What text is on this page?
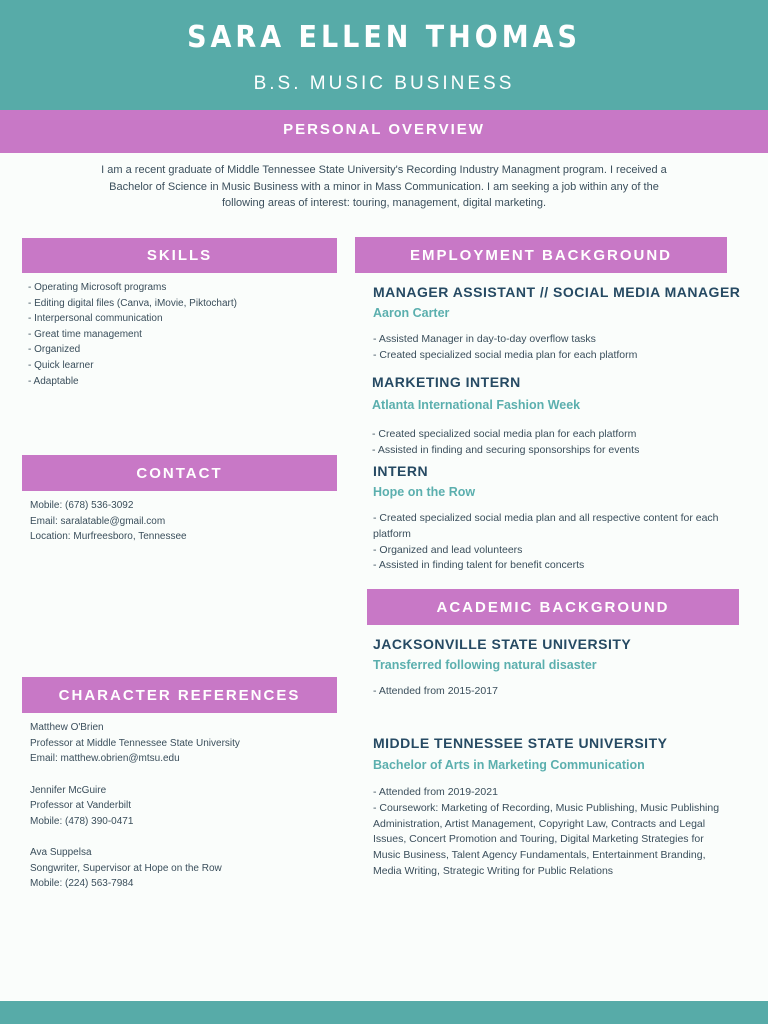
SARA ELLEN THOMAS
B.S. MUSIC BUSINESS
PERSONAL OVERVIEW
I am a recent graduate of Middle Tennessee State University's Recording Industry Managment program. I received a Bachelor of Science in Music Business with a minor in Mass Communication. I am seeking a job within any of the following areas of interest: touring, management, digital marketing.
SKILLS
- Operating Microsoft programs
- Editing digital files (Canva, iMovie, Piktochart)
- Interpersonal communication
- Great time management
- Organized
- Quick learner
- Adaptable
CONTACT
Mobile: (678) 536-3092
Email: saralatable@gmail.com
Location: Murfreesboro, Tennessee
CHARACTER REFERENCES
Matthew O'Brien
Professor at Middle Tennessee State University
Email: matthew.obrien@mtsu.edu
Jennifer McGuire
Professor at Vanderbilt
Mobile: (478) 390-0471
Ava Suppelsa
Songwriter, Supervisor at Hope on the Row
Mobile: (224) 563-7984
EMPLOYMENT BACKGROUND
MANAGER ASSISTANT // SOCIAL MEDIA MANAGER
Aaron Carter
- Assisted Manager in day-to-day overflow tasks
- Created specialized social media plan for each platform
MARKETING INTERN
Atlanta International Fashion Week
- Created specialized social media plan for each platform
- Assisted in finding and securing sponsorships for events
INTERN
Hope on the Row
- Created specialized social media plan and all respective content for each platform
- Organized and lead volunteers
- Assisted in finding talent for benefit concerts
ACADEMIC BACKGROUND
JACKSONVILLE STATE UNIVERSITY
Transferred following natural disaster
- Attended from 2015-2017
MIDDLE TENNESSEE STATE UNIVERSITY
Bachelor of Arts in Marketing Communication
- Attended from 2019-2021
- Coursework: Marketing of Recording, Music Publishing, Music Publishing Administration, Artist Management, Copyright Law, Contracts and Legal Issues, Concert Promotion and Touring, Digital Marketing Strategies for Music Business, Talent Agency Fundamentals, Entertainment Branding, Media Writing, Strategic Writing for Public Relations
